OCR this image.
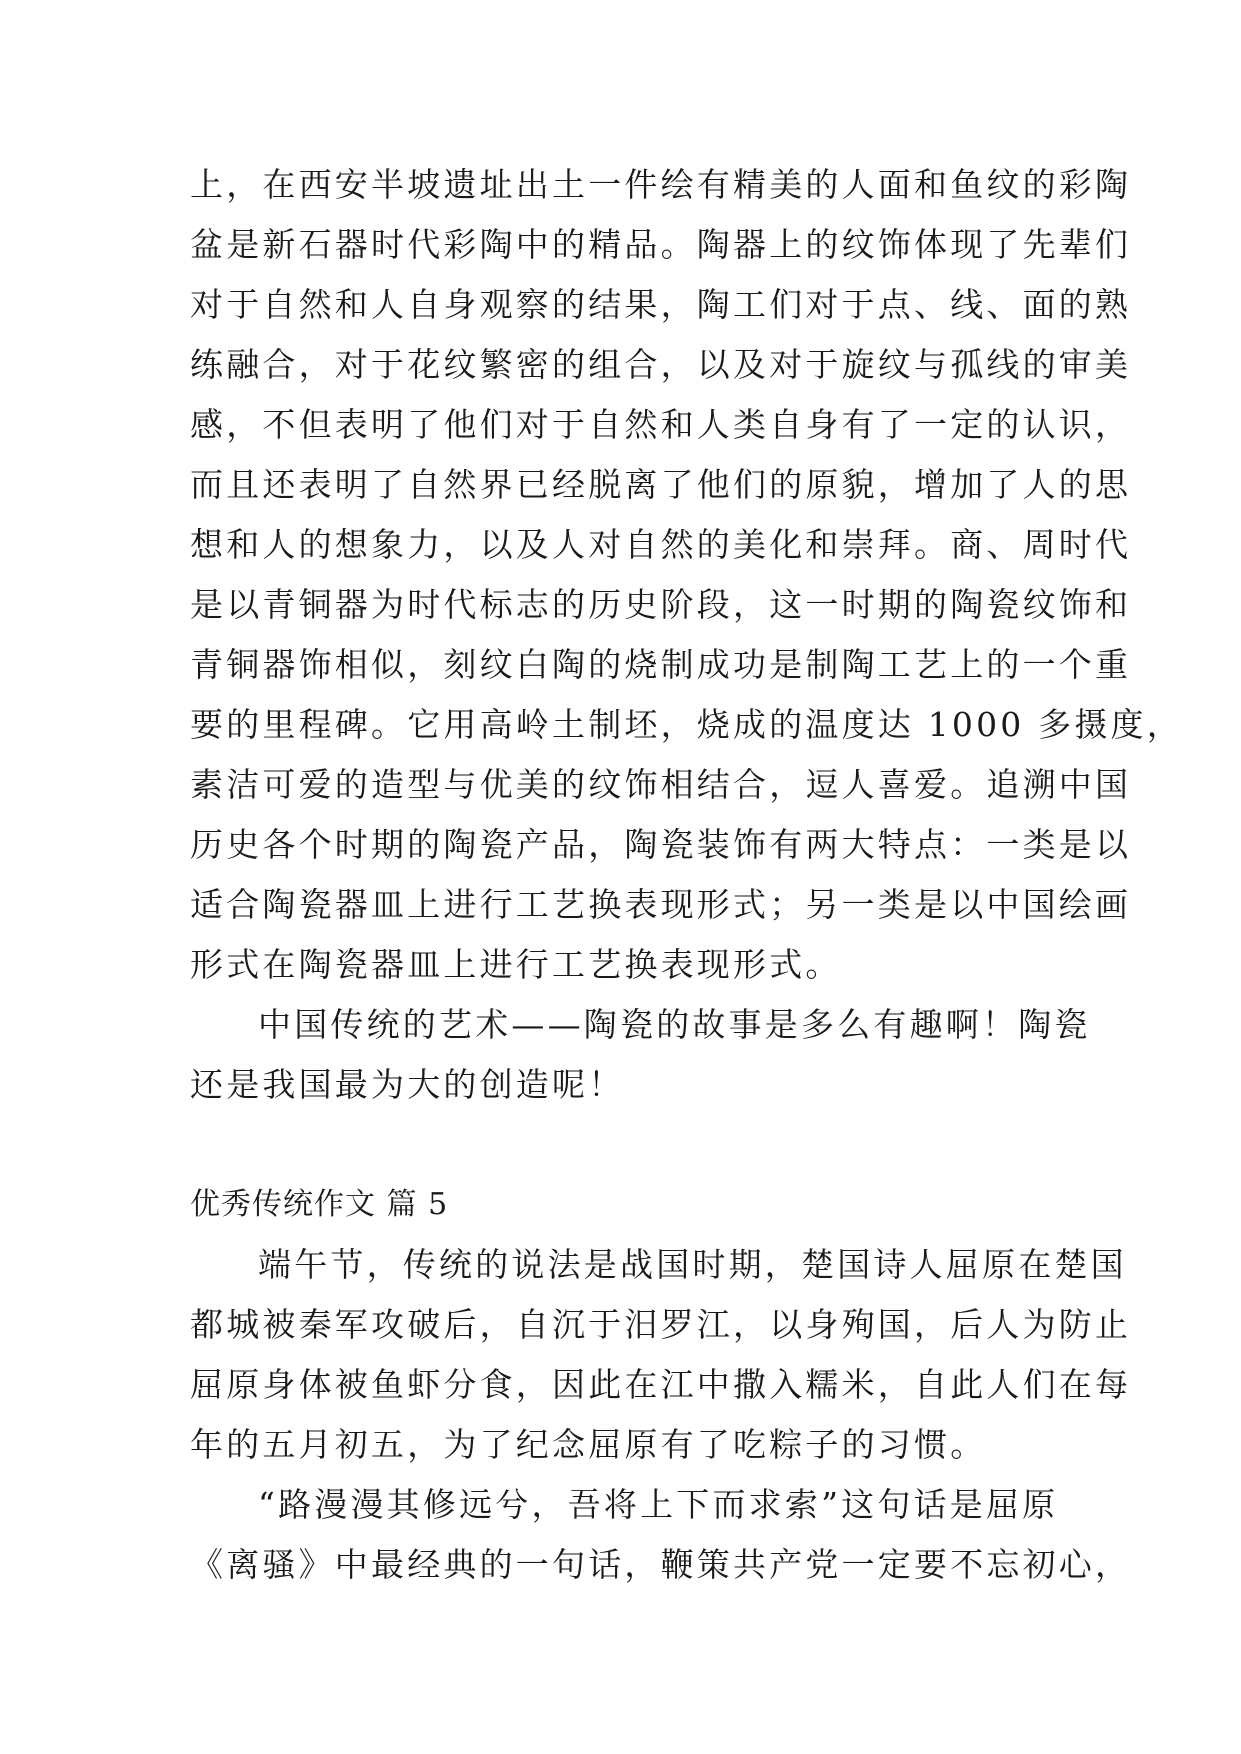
上，在西安半坡遗址出土一件绘有精美的人面和鱼纹的彩陶
盆是新石器时代彩陶中的精品。陶器上的纹饰体现了先辈们
对于自然和人自身观察的结果，陶工们对于点、线、面的熟
练融合，对于花纹繁密的组合，以及对于旋纹与孤线的审美
感，不但表明了他们对于自然和人类自身有了一定的认识，
而且还表明了自然界已经脱离了他们的原貌，增加了人的思
想和人的想象力，以及人对自然的美化和崇拜。商、周时代
是以青铜器为时代标志的历史阶段，这一时期的陶瓷纹饰和
青铜器饰相似，刻纹白陶的烧制成功是制陶工艺上的一个重
要的里程碑。它用高岭土制坯，烧成的温度达 1000 多摄度，
素洁可爱的造型与优美的纹饰相结合，逗人喜爱。追溯中国
历史各个时期的陶瓷产品，陶瓷装饰有两大特点：一类是以
适合陶瓷器皿上进行工艺换表现形式；另一类是以中国绘画
形式在陶瓷器皿上进行工艺换表现形式。
中国传统的艺术——陶瓷的故事是多么有趣啊！陶瓷
还是我国最为大的创造呢！
优秀传统作文 篇 5
端午节，传统的说法是战国时期，楚国诗人屈原在楚国
都城被秦军攻破后，自沉于汨罗江，以身殉国，后人为防止
屈原身体被鱼虾分食，因此在江中撒入糯米，自此人们在每
年的五月初五，为了纪念屈原有了吃粽子的习惯。
“路漫漫其修远兮，吾将上下而求索”这句话是屈原
《离骚》中最经典的一句话，鞭策共产党一定要不忘初心，
